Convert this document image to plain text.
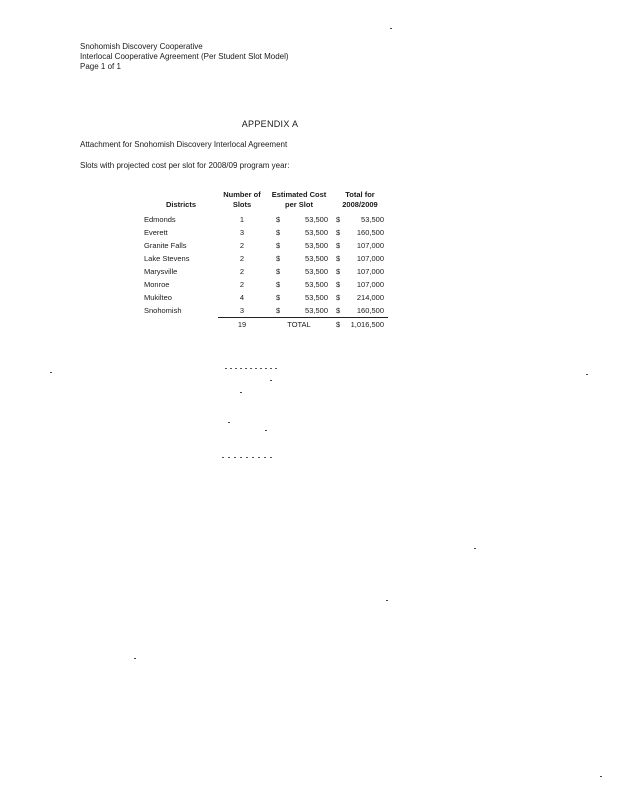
Snohomish Discovery Cooperative
Interlocal Cooperative Agreement (Per Student Slot Model)
Page 1 of 1
APPENDIX A
Attachment for Snohomish Discovery Interlocal Agreement
Slots with projected cost per slot for 2008/09 program year:
Districts	Number of Slots	Estimated Cost per Slot	Total for 2008/2009
Edmonds	1	$ 53,500	$ 53,500

Everett	3	$ 53,500	$ 160,500

Granite Falls	2	$ 53,500	$ 107,000

Lake Stevens	2	$ 53,500	$ 107,000

Marysville	2	$ 53,500	$ 107,000

Monroe	2	$ 53,500	$ 107,000

Mukilteo	4	$ 53,500	$ 214,000

Snohomish	3	$ 53,500	$ 160,500

	19	TOTAL	$ 1,016,500
